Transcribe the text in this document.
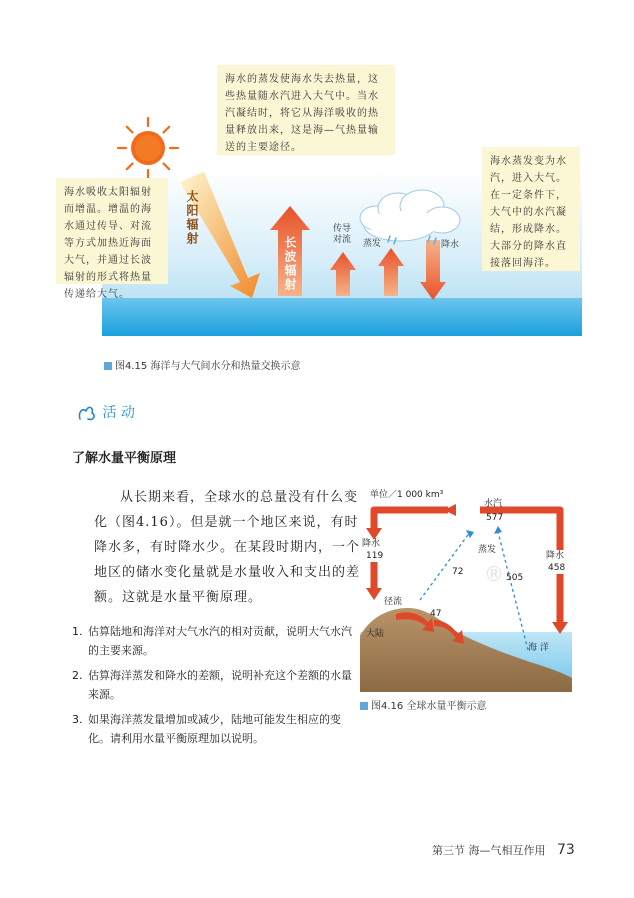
海水的蒸发使海水失去热量，这些热量随水汽进入大气中。当水汽凝结时，将它从海洋吸收的热量释放出来，这是海—气热量输送的主要途径。
海水吸收太阳辐射而增温。增温的海水通过传导、对流等方式加热近海面大气，并通过长波辐射的形式将热量传递给大气。
海水蒸发变为水汽，进入大气。在一定条件下，大气中的水汽凝结，形成降水。大部分的降水直接落回海洋。
太阳辐射
长波辐射
传导
对流 蒸发	降水
图4.15 海洋与大气间水分和热量交换示意
活 动
了解水量平衡原理
从长期来看，全球水的总量没有什么变化（图4.16）。但是就一个地区来说，有时降水多，有时降水少。在某段时期内，一个地区的储水变化量就是水量收入和支出的差额。这就是水量平衡原理。
1. 估算陆地和海洋对大气水汽的相对贡献，说明大气水汽的主要来源。
2. 估算海洋蒸发和降水的差额，说明补充这个差额的水量来源。
3. 如果海洋蒸发量增加或减少，陆地可能发生相应的变化。请利用水量平衡原理加以说明。
单位／1 000 km³
水汽
577
降水
119	降水
458
蒸发
72
505
径流
47
大陆
海 洋
®
图4.16 全球水量平衡示意
第三节 海—气相互作用 73
